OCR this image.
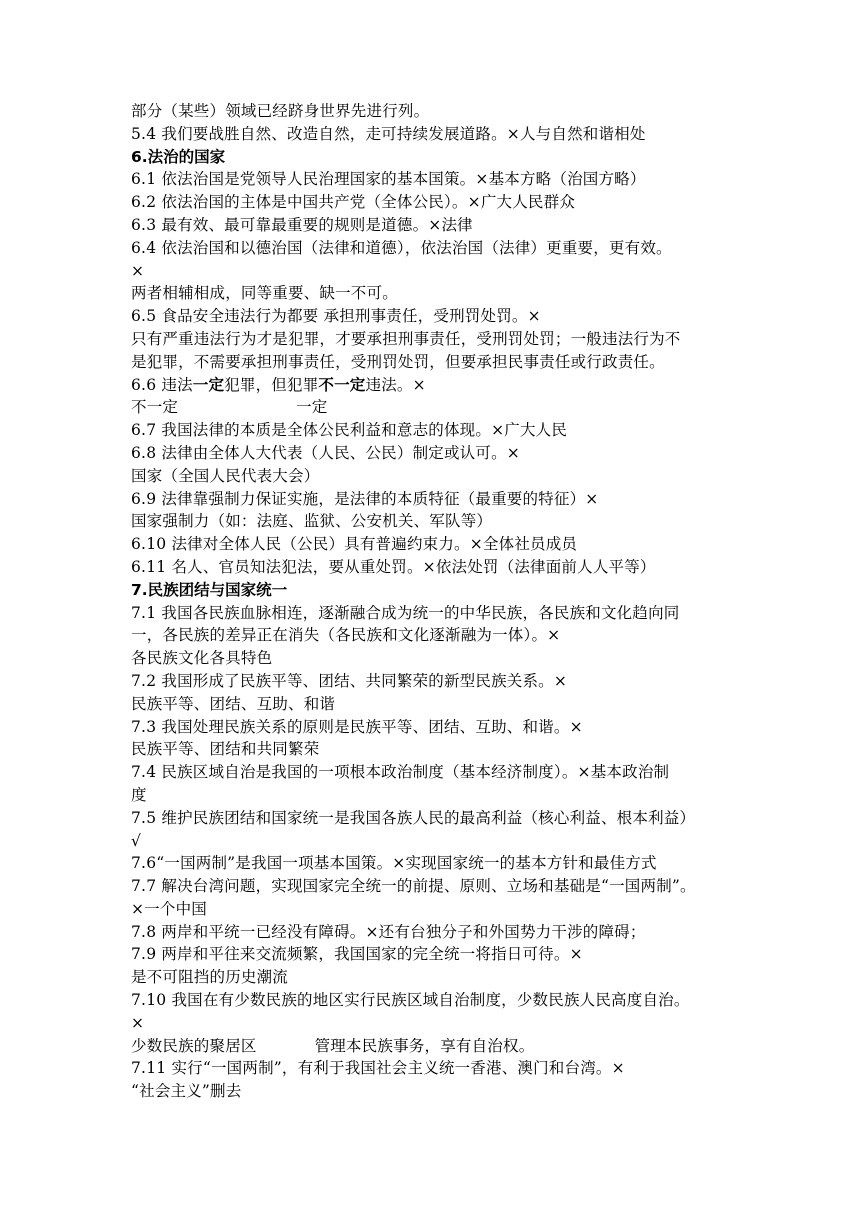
部分（某些）领域已经跻身世界先进行列。
5.4 我们要战胜自然、改造自然，走可持续发展道路。×人与自然和谐相处
6.法治的国家
6.1 依法治国是党领导人民治理国家的基本国策。×基本方略（治国方略）
6.2 依法治国的主体是中国共产党（全体公民）。×广大人民群众
6.3 最有效、最可靠最重要的规则是道德。×法律
6.4 依法治国和以德治国（法律和道德），依法治国（法律）更重要，更有效。
×
两者相辅相成，同等重要、缺一不可。
6.5 食品安全违法行为都要 承担刑事责任，受刑罚处罚。×
只有严重违法行为才是犯罪，才要承担刑事责任，受刑罚处罚；一般违法行为不
是犯罪，不需要承担刑事责任，受刑罚处罚，但要承担民事责任或行政责任。
6.6 违法一定犯罪，但犯罪不一定违法。×
不一定	一定
6.7 我国法律的本质是全体公民利益和意志的体现。×广大人民
6.8 法律由全体人大代表（人民、公民）制定或认可。×
国家（全国人民代表大会）
6.9 法律靠强制力保证实施，是法律的本质特征（最重要的特征）×
国家强制力（如：法庭、监狱、公安机关、军队等）
6.10 法律对全体人民（公民）具有普遍约束力。×全体社员成员
6.11 名人、官员知法犯法，要从重处罚。×依法处罚（法律面前人人平等）
7.民族团结与国家统一
7.1 我国各民族血脉相连，逐渐融合成为统一的中华民族，各民族和文化趋向同
一，各民族的差异正在消失（各民族和文化逐渐融为一体）。×
各民族文化各具特色
7.2 我国形成了民族平等、团结、共同繁荣的新型民族关系。×
民族平等、团结、互助、和谐
7.3 我国处理民族关系的原则是民族平等、团结、互助、和谐。×
民族平等、团结和共同繁荣
7.4 民族区域自治是我国的一项根本政治制度（基本经济制度）。×基本政治制
度
7.5 维护民族团结和国家统一是我国各族人民的最高利益（核心利益、根本利益）
√
7.6“一国两制”是我国一项基本国策。×实现国家统一的基本方针和最佳方式
7.7 解决台湾问题，实现国家完全统一的前提、原则、立场和基础是“一国两制”。
×一个中国
7.8 两岸和平统一已经没有障碍。×还有台独分子和外国势力干涉的障碍；
7.9 两岸和平往来交流频繁，我国国家的完全统一将指日可待。×
是不可阻挡的历史潮流
7.10 我国在有少数民族的地区实行民族区域自治制度，少数民族人民高度自治。
×
少数民族的聚居区	管理本民族事务，享有自治权。
7.11 实行“一国两制”，有利于我国社会主义统一香港、澳门和台湾。×
“社会主义”删去
